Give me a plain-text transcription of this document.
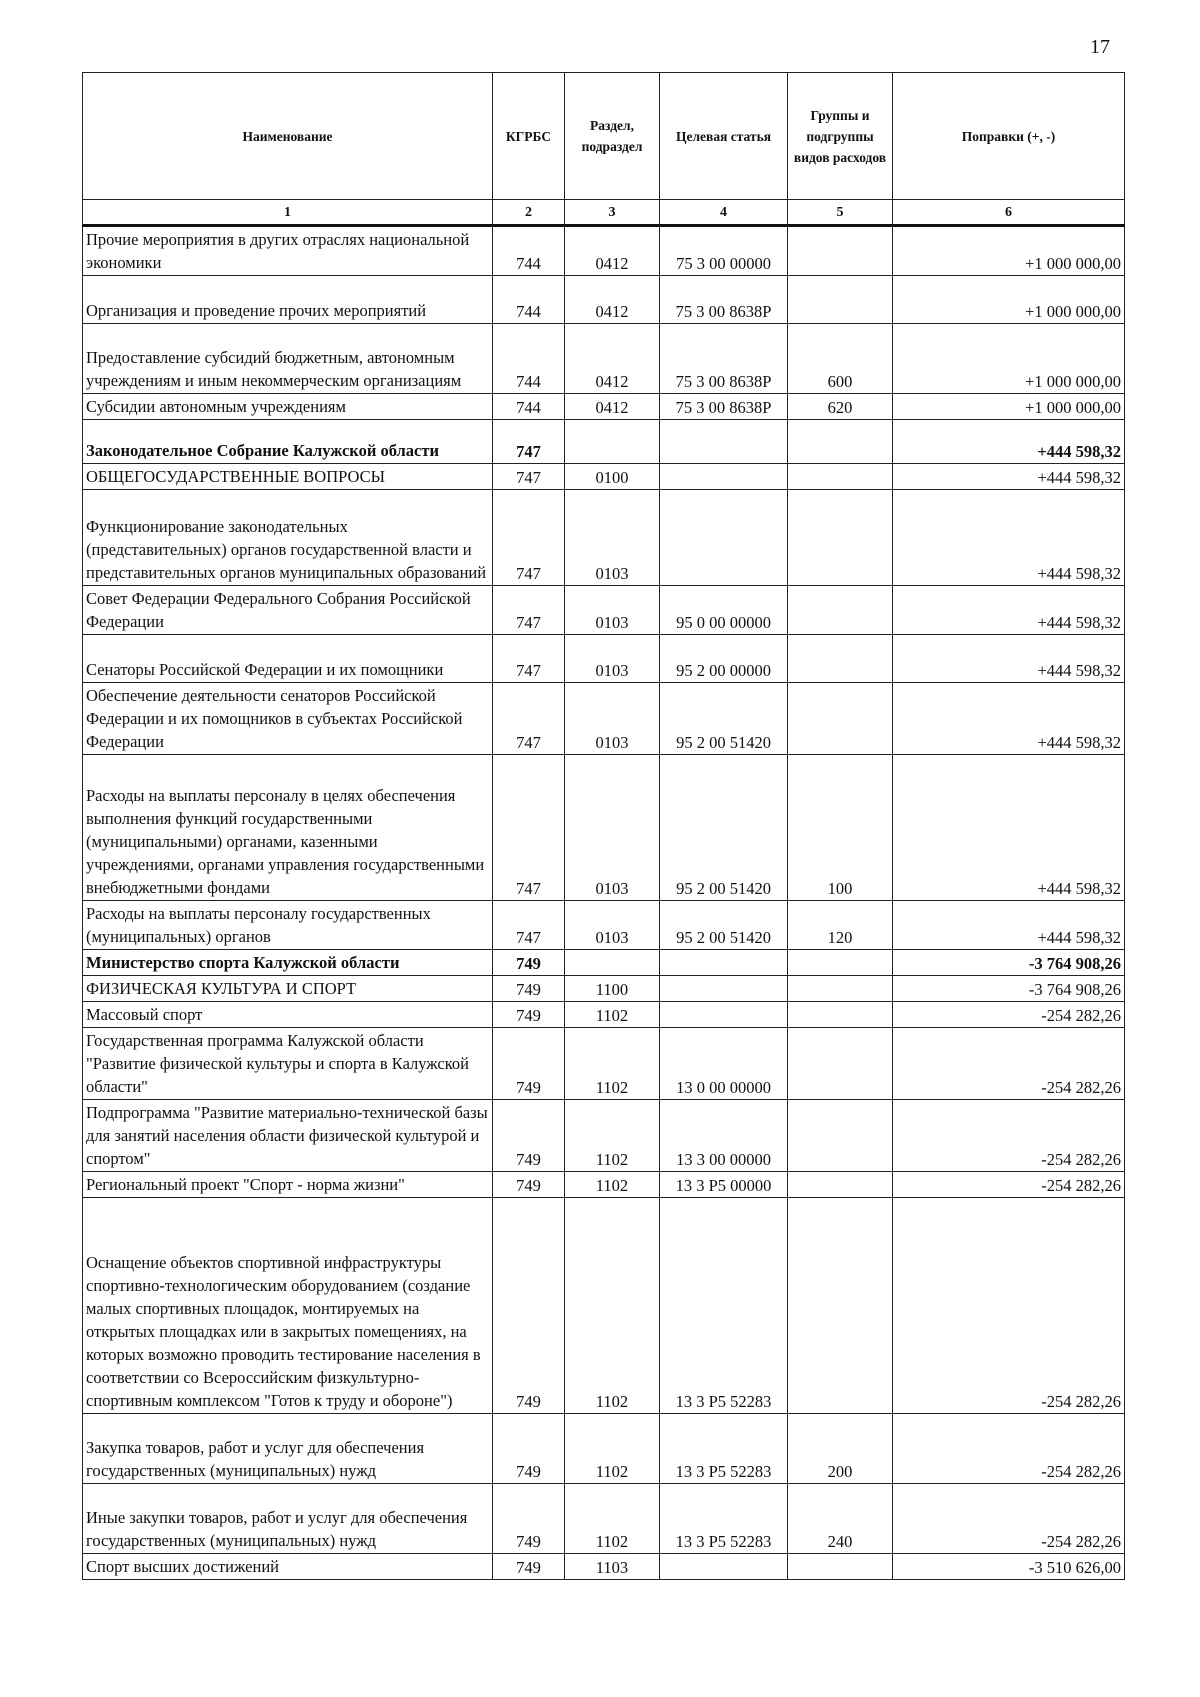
17
Наименование	КГРБС	Раздел, подраздел	Целевая статья	Группы и подгруппы видов расходов	Поправки (+, -)
1	2	3	4	5	6
Прочие мероприятия в других отраслях национальной экономики	744	0412	75 3 00 00000		+1 000 000,00
Организация и проведение прочих мероприятий	744	0412	75 3 00 8638Р		+1 000 000,00
Предоставление субсидий бюджетным, автономным учреждениям и иным некоммерческим организациям	744	0412	75 3 00 8638Р	600	+1 000 000,00
Субсидии автономным учреждениям	744	0412	75 3 00 8638Р	620	+1 000 000,00
Законодательное Собрание Калужской области	747				+444 598,32
ОБЩЕГОСУДАРСТВЕННЫЕ ВОПРОСЫ	747	0100			+444 598,32
Функционирование законодательных (представительных) органов государственной власти и представительных органов муниципальных образований	747	0103			+444 598,32
Совет Федерации Федерального Собрания Российской Федерации	747	0103	95 0 00 00000		+444 598,32
Сенаторы Российской Федерации и их помощники	747	0103	95 2 00 00000		+444 598,32
Обеспечение деятельности сенаторов Российской Федерации и их помощников в субъектах Российской Федерации	747	0103	95 2 00 51420		+444 598,32
Расходы на выплаты персоналу в целях обеспечения выполнения функций государственными (муниципальными) органами, казенными учреждениями, органами управления государственными внебюджетными фондами	747	0103	95 2 00 51420	100	+444 598,32
Расходы на выплаты персоналу государственных (муниципальных) органов	747	0103	95 2 00 51420	120	+444 598,32
Министерство спорта Калужской области	749				-3 764 908,26
ФИЗИЧЕСКАЯ КУЛЬТУРА И СПОРТ	749	1100			-3 764 908,26
Массовый спорт	749	1102			-254 282,26
Государственная программа Калужской области "Развитие физической культуры и спорта в Калужской области"	749	1102	13 0 00 00000		-254 282,26
Подпрограмма "Развитие материально-технической базы для занятий населения области физической культурой и спортом"	749	1102	13 3 00 00000		-254 282,26
Региональный проект "Спорт - норма жизни"	749	1102	13 3 Р5 00000		-254 282,26
Оснащение объектов спортивной инфраструктуры спортивно-технологическим оборудованием (создание малых спортивных площадок, монтируемых на открытых площадках или в закрытых помещениях, на которых возможно проводить тестирование населения в соответствии со Всероссийским физкультурно-спортивным комплексом "Готов к труду и обороне")	749	1102	13 3 Р5 52283		-254 282,26
Закупка товаров, работ и услуг для обеспечения государственных (муниципальных) нужд	749	1102	13 3 Р5 52283	200	-254 282,26
Иные закупки товаров, работ и услуг для обеспечения государственных (муниципальных) нужд	749	1102	13 3 Р5 52283	240	-254 282,26
Спорт высших достижений	749	1103			-3 510 626,00
